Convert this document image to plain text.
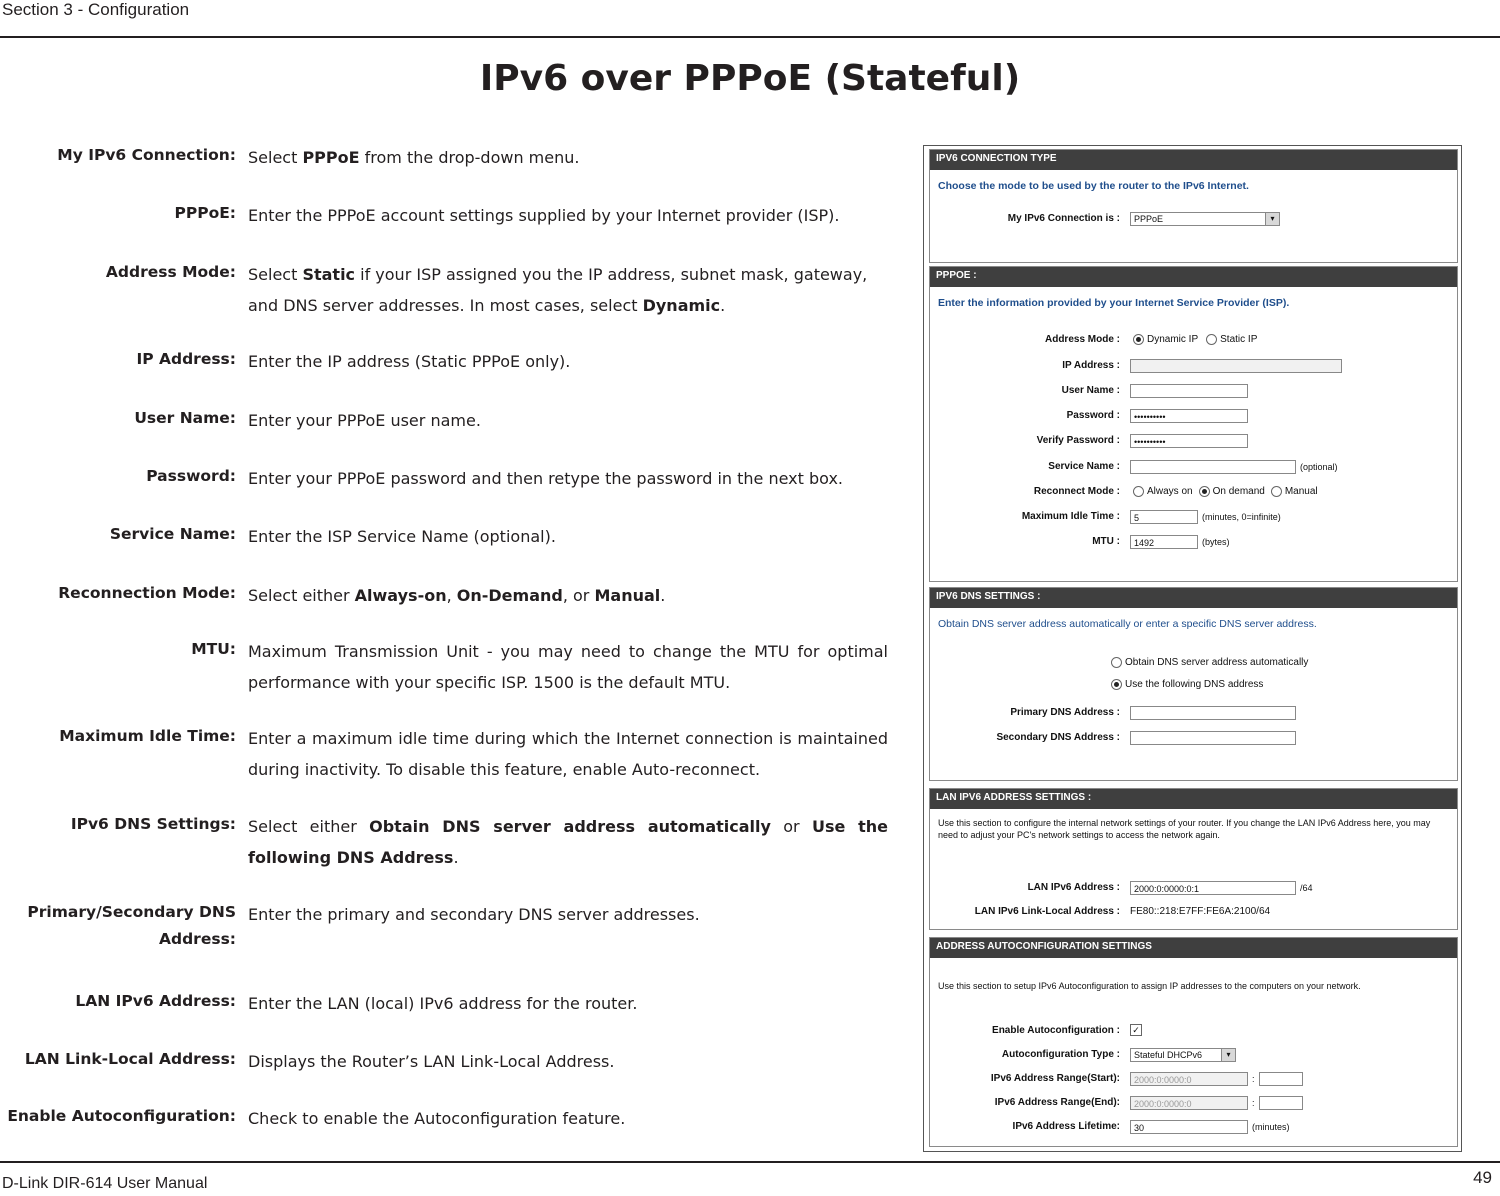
Section 3 - Configuration
IPv6 over PPPoE (Stateful)
My IPv6 Connection: Select PPPoE from the drop-down menu.
PPPoE: Enter the PPPoE account settings supplied by your Internet provider (ISP).
Address Mode: Select Static if your ISP assigned you the IP address, subnet mask, gateway, and DNS server addresses. In most cases, select Dynamic.
IP Address: Enter the IP address (Static PPPoE only).
User Name: Enter your PPPoE user name.
Password: Enter your PPPoE password and then retype the password in the next box.
Service Name: Enter the ISP Service Name (optional).
Reconnection Mode: Select either Always-on, On-Demand, or Manual.
MTU: Maximum Transmission Unit - you may need to change the MTU for optimal performance with your specific ISP. 1500 is the default MTU.
Maximum Idle Time: Enter a maximum idle time during which the Internet connection is maintained during inactivity. To disable this feature, enable Auto-reconnect.
IPv6 DNS Settings: Select either Obtain DNS server address automatically or Use the following DNS Address.
Primary/Secondary DNS Address:
Enter the primary and secondary DNS server addresses.
LAN IPv6 Address: Enter the LAN (local) IPv6 address for the router.
LAN Link-Local Address: Displays the Router’s LAN Link-Local Address.
Enable Autoconfiguration: Check to enable the Autoconfiguration feature.
IPV6 CONNECTION TYPE
Choose the mode to be used by the router to the IPv6 Internet.
My IPv6 Connection is :	PPPoE	▾
PPPOE :
Enter the information provided by your Internet Service Provider (ISP).
Address Mode :	Dynamic IP Static IP
IP Address :
User Name :
Password :	••••••••••
Verify Password :	••••••••••
Service Name :	(optional)
Reconnect Mode :	Always on On demand Manual
Maximum Idle Time :	5	(minutes, 0=infinite)
MTU :	1492	(bytes)
IPV6 DNS SETTINGS :
Obtain DNS server address automatically or enter a specific DNS server address.
Obtain DNS server address automatically
Use the following DNS address
Primary DNS Address :
Secondary DNS Address :
LAN IPV6 ADDRESS SETTINGS :
Use this section to configure the internal network settings of your router. If you change the LAN IPv6 Address here, you may need to adjust your PC's network settings to access the network again.
LAN IPv6 Address :	2000:0:0000:0:1	/64
LAN IPv6 Link-Local Address : FE80::218:E7FF:FE6A:2100/64
ADDRESS AUTOCONFIGURATION SETTINGS
Use this section to setup IPv6 Autoconfiguration to assign IP addresses to the computers on your network.
Enable Autoconfiguration : ✓
Autoconfiguration Type :	Stateful DHCPv6	▾
IPv6 Address Range(Start):	2000:0:0000:0	:
IPv6 Address Range(End):	2000:0:0000:0	:
IPv6 Address Lifetime:	30	(minutes)
D-Link DIR-614 User Manual	49
